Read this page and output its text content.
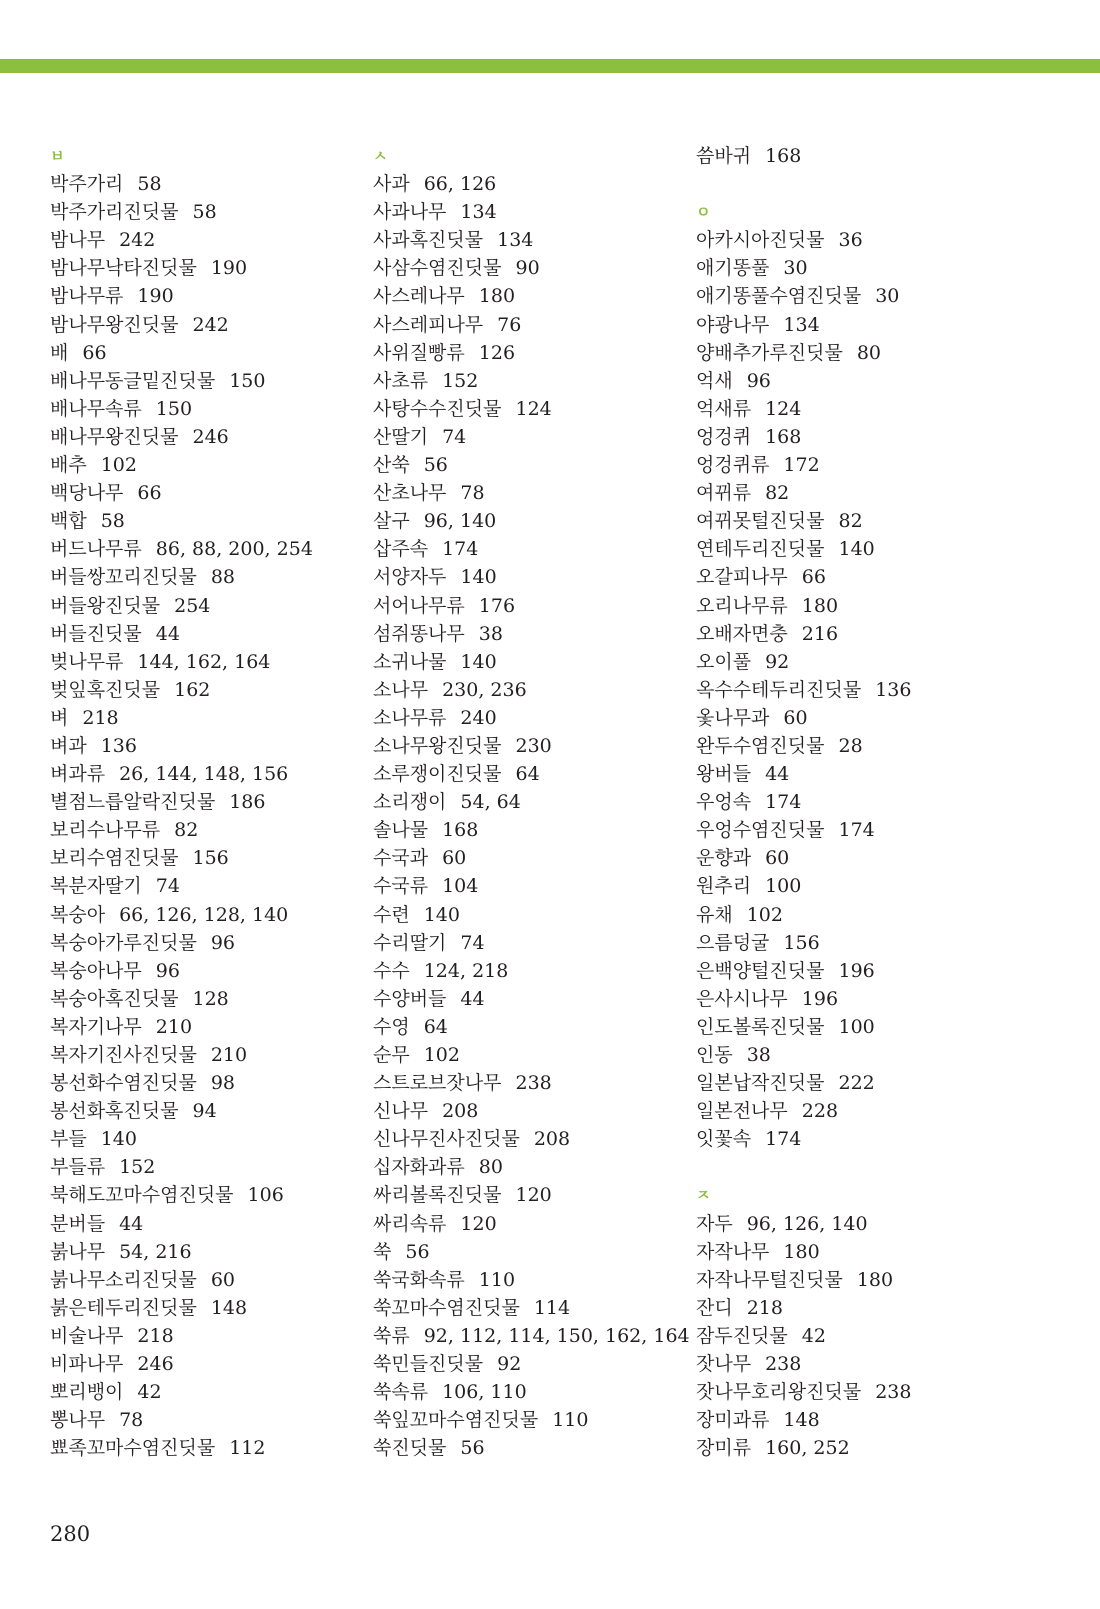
ㅂ
박주가리 58
박주가리진딧물 58
밤나무 242
밤나무낙타진딧물 190
밤나무류 190
밤나무왕진딧물 242
배 66
배나무동글밑진딧물 150
배나무속류 150
배나무왕진딧물 246
배추 102
백당나무 66
백합 58
버드나무류 86, 88, 200, 254
버들쌍꼬리진딧물 88
버들왕진딧물 254
버들진딧물 44
벚나무류 144, 162, 164
벚잎혹진딧물 162
벼 218
벼과 136
벼과류 26, 144, 148, 156
별점느릅알락진딧물 186
보리수나무류 82
보리수염진딧물 156
복분자딸기 74
복숭아 66, 126, 128, 140
복숭아가루진딧물 96
복숭아나무 96
복숭아혹진딧물 128
복자기나무 210
복자기진사진딧물 210
봉선화수염진딧물 98
봉선화혹진딧물 94
부들 140
부들류 152
북해도꼬마수염진딧물 106
분버들 44
붉나무 54, 216
붉나무소리진딧물 60
붉은테두리진딧물 148
비술나무 218
비파나무 246
뽀리뱅이 42
뽕나무 78
뾰족꼬마수염진딧물 112
ㅅ
사과 66, 126
사과나무 134
사과혹진딧물 134
사삼수염진딧물 90
사스레나무 180
사스레피나무 76
사위질빵류 126
사초류 152
사탕수수진딧물 124
산딸기 74
산쑥 56
산초나무 78
살구 96, 140
삽주속 174
서양자두 140
서어나무류 176
섬쥐똥나무 38
소귀나물 140
소나무 230, 236
소나무류 240
소나무왕진딧물 230
소루쟁이진딧물 64
소리쟁이 54, 64
솔나물 168
수국과 60
수국류 104
수련 140
수리딸기 74
수수 124, 218
수양버들 44
수영 64
순무 102
스트로브잣나무 238
신나무 208
신나무진사진딧물 208
십자화과류 80
싸리볼록진딧물 120
싸리속류 120
쑥 56
쑥국화속류 110
쑥꼬마수염진딧물 114
쑥류 92, 112, 114, 150, 162, 164
쑥민들진딧물 92
쑥속류 106, 110
쑥잎꼬마수염진딧물 110
쑥진딧물 56
씀바귀 168
ㅇ
아카시아진딧물 36
애기똥풀 30
애기똥풀수염진딧물 30
야광나무 134
양배추가루진딧물 80
억새 96
억새류 124
엉겅퀴 168
엉겅퀴류 172
여뀌류 82
여뀌못털진딧물 82
연테두리진딧물 140
오갈피나무 66
오리나무류 180
오배자면충 216
오이풀 92
옥수수테두리진딧물 136
옻나무과 60
완두수염진딧물 28
왕버들 44
우엉속 174
우엉수염진딧물 174
운향과 60
원추리 100
유채 102
으름덩굴 156
은백양털진딧물 196
은사시나무 196
인도볼록진딧물 100
인동 38
일본납작진딧물 222
일본전나무 228
잇꽃속 174
ㅈ
자두 96, 126, 140
자작나무 180
자작나무털진딧물 180
잔디 218
잠두진딧물 42
잣나무 238
잣나무호리왕진딧물 238
장미과류 148
장미류 160, 252
280
